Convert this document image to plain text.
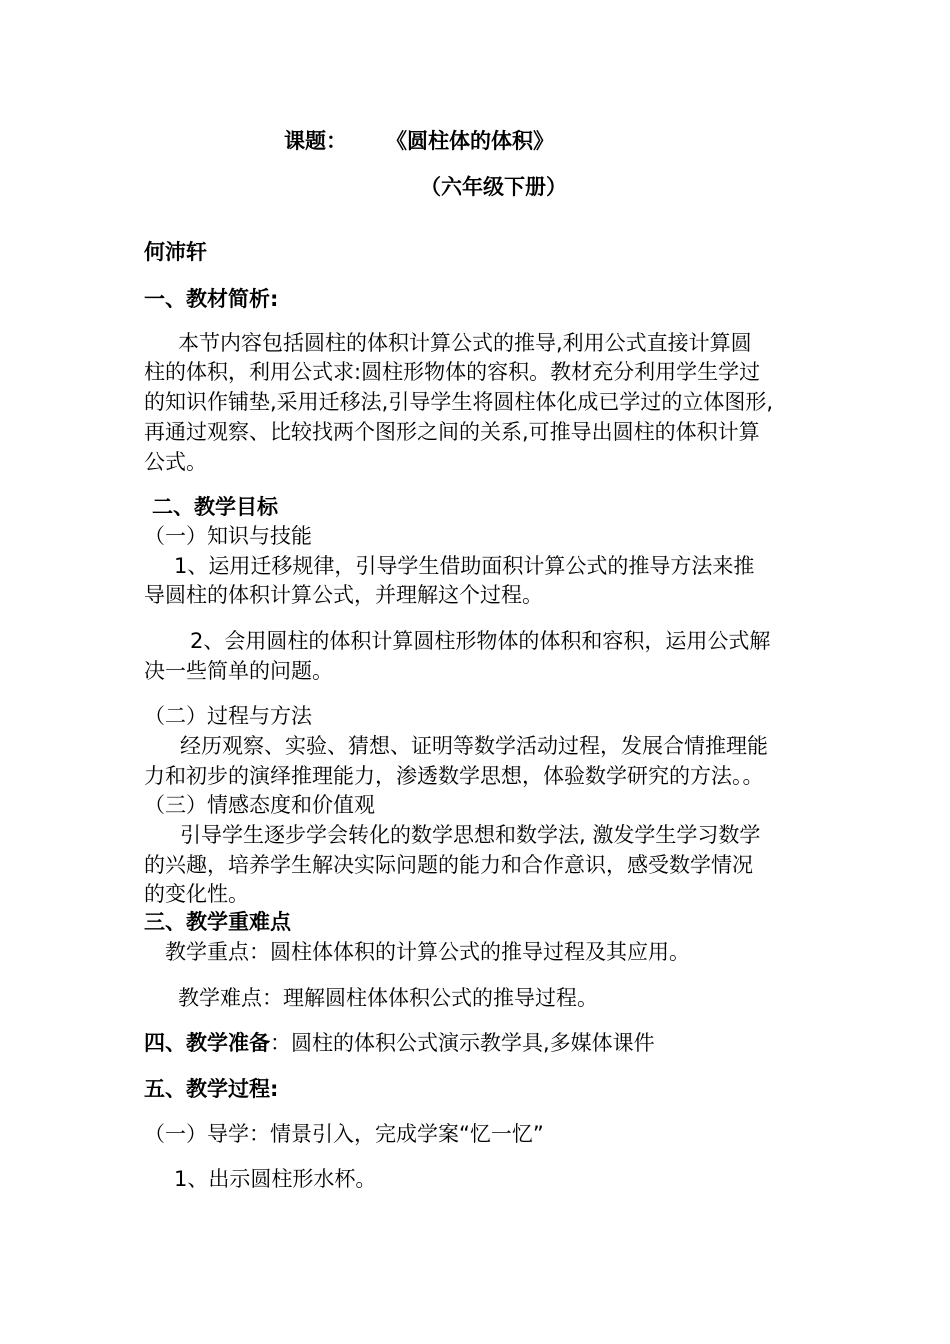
课题： 《圆柱体的体积》
（六年级下册）
何沛轩
一、教材简析:
本节内容包括圆柱的体积计算公式的推导,利用公式直接计算圆
柱的体积，利用公式求:圆柱形物体的容积。教材充分利用学生学过
的知识作铺垫,采用迁移法,引导学生将圆柱体化成已学过的立体图形,
再通过观察、比较找两个图形之间的关系,可推导出圆柱的体积计算
公式。
二、教学目标
（一）知识与技能
1、运用迁移规律，引导学生借助面积计算公式的推导方法来推
导圆柱的体积计算公式，并理解这个过程。
2、会用圆柱的体积计算圆柱形物体的体积和容积，运用公式解
决一些简单的问题。
（二）过程与方法
经历观察、实验、猜想、证明等数学活动过程，发展合情推理能
力和初步的演绎推理能力，渗透数学思想，体验数学研究的方法。。
（三）情感态度和价值观
引导学生逐步学会转化的数学思想和数学法, 激发学生学习数学
的兴趣，培养学生解决实际问题的能力和合作意识，感受数学情况
的变化性。
三、教学重难点
教学重点：圆柱体体积的计算公式的推导过程及其应用。
教学难点：理解圆柱体体积公式的推导过程。
四、教学准备：圆柱的体积公式演示教学具,多媒体课件
五、教学过程:
（一）导学：情景引入，完成学案“忆一忆”
1、出示圆柱形水杯。
